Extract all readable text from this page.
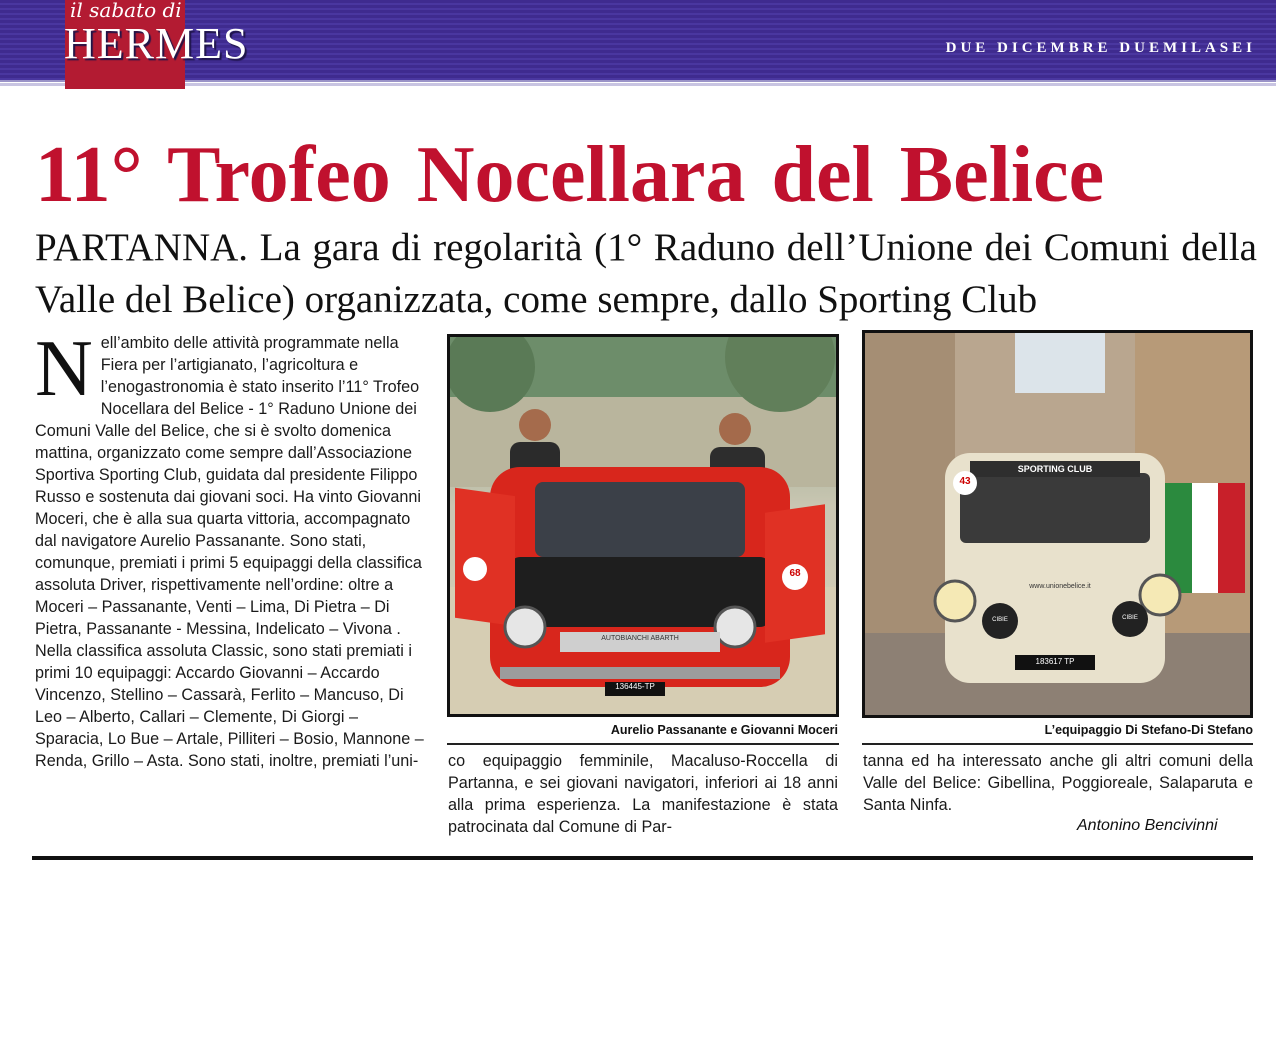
il sabato di
HERMES	DUE DICEMBRE DUEMILASEI
11° Trofeo Nocellara del Belice

PARTANNA. La gara di regolarità (1° Raduno dell’Unione dei Comuni della Valle del Belice) organizzata, come sempre, dallo Sporting Club

N ell’ambito delle attività programmate nella Fiera per l’artigianato, l’agricoltura e l’enogastronomia è stato inserito l’11° Trofeo Nocellara del Belice - 1° Raduno Unione dei Comuni Valle del Belice, che si è svolto domenica mattina, organizzato come sempre dall’Associazione Sportiva Sporting Club, guidata dal presidente Filippo Russo e sostenuta dai giovani soci. Ha vinto Giovanni Moceri, che è alla sua quarta vittoria, accompagnato dal navigatore Aurelio Passanante. Sono stati, comunque, premiati i primi 5 equipaggi della classifica assoluta Driver, rispettivamente nell’ordine: oltre a Moceri – Passanante, Venti – Lima, Di Pietra – Di Pietra, Passanante - Messina, Indelicato – Vivona . Nella classifica assoluta Classic, sono stati premiati i primi 10 equipaggi: Accardo Giovanni – Accardo Vincenzo, Stellino – Cassarà, Ferlito – Mancuso, Di Leo – Alberto, Callari – Clemente, Di Giorgi – Sparacia, Lo Bue – Artale, Pilliteri – Bosio, Mannone – Renda, Grillo – Asta. Sono stati, inoltre, premiati l’uni-

68
136445-TP
AUTOBIANCHI ABARTH
Aurelio Passanante e Giovanni Moceri
43
SPORTING CLUB
www.unionebelice.it
183617 TP
CIBIE	CIBIE
L’equipaggio Di Stefano-Di Stefano

co equipaggio femminile, Macaluso-Roccella di Partanna, e sei giovani navigatori, inferiori ai 18 anni alla prima esperienza. La manifestazione è stata patrocinata dal Comune di Par-

tanna ed ha interessato anche gli altri comuni della Valle del Belice: Gibellina, Poggioreale, Salaparuta e Santa Ninfa.

Antonino Bencivinni
